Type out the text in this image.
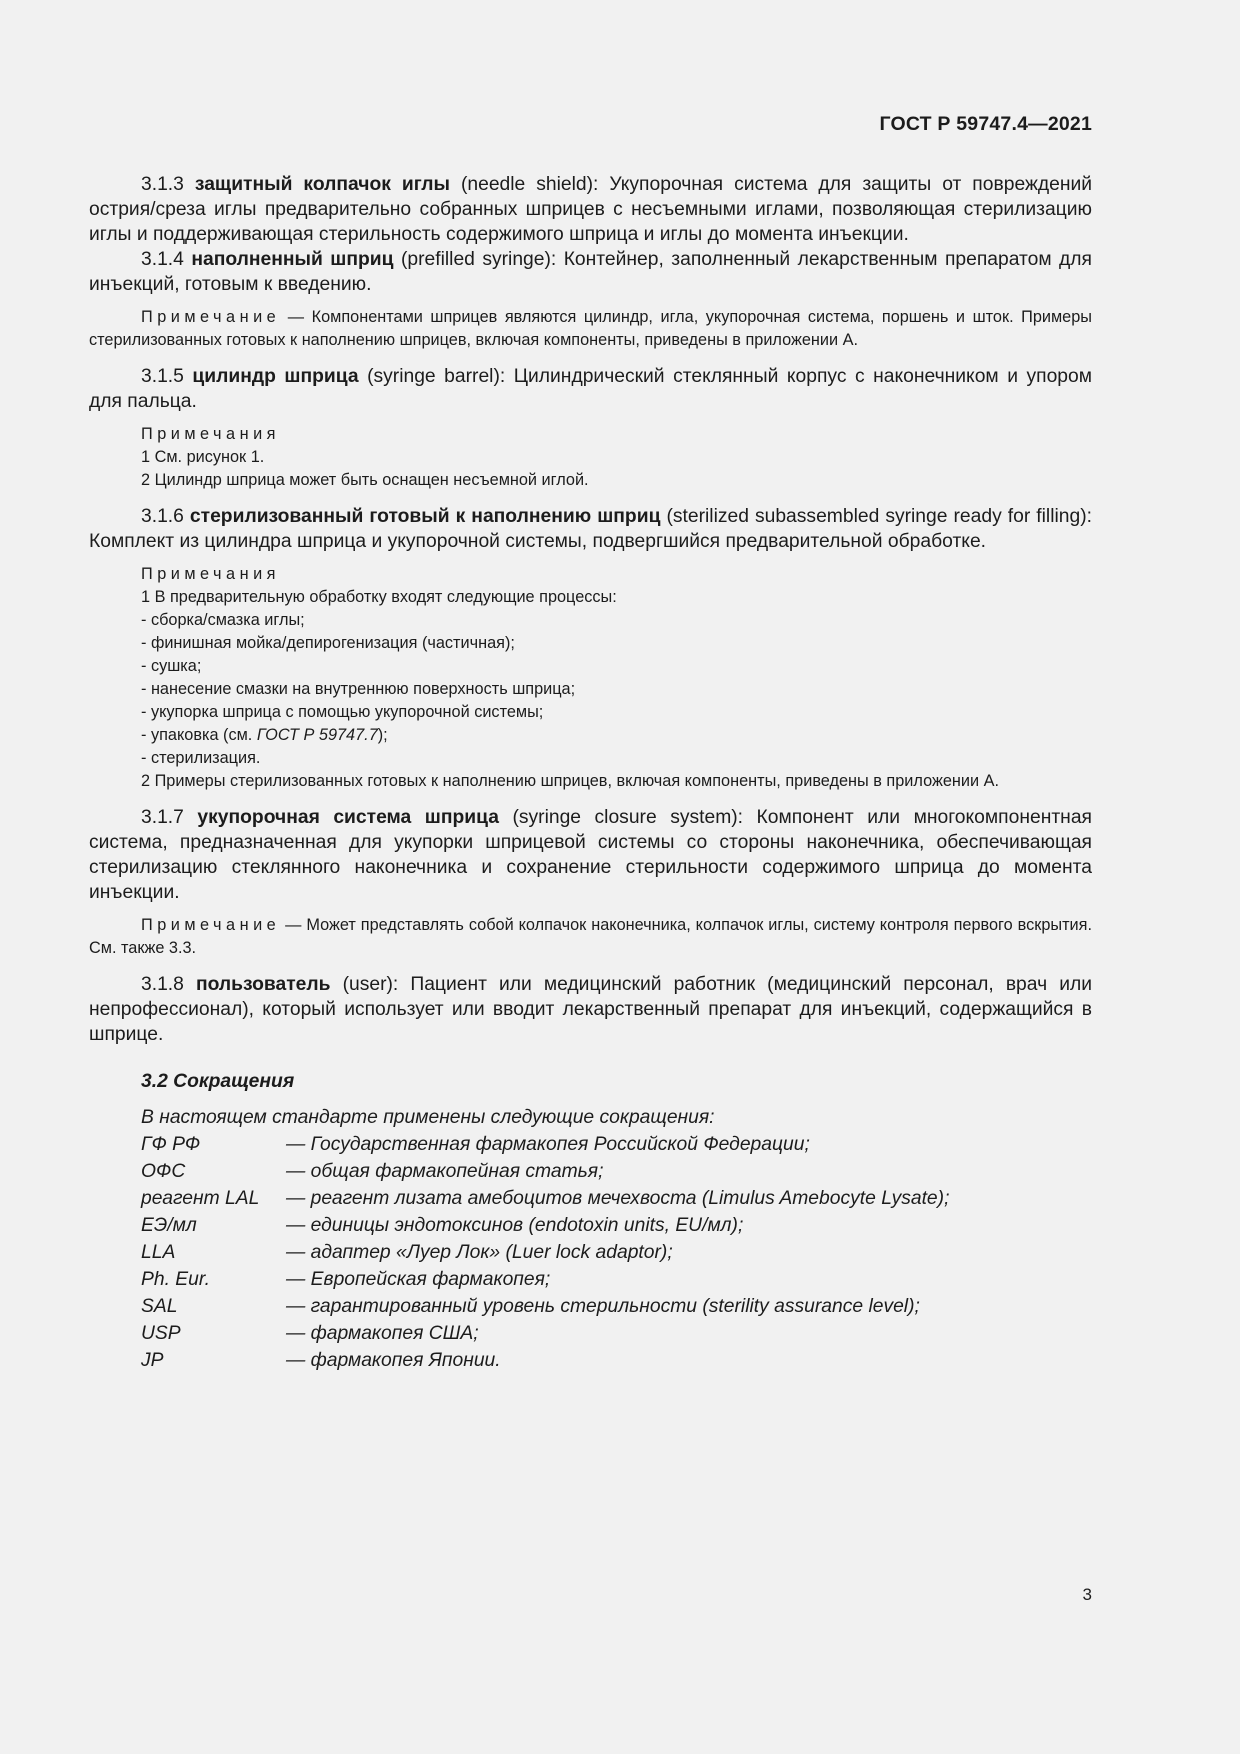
ГОСТ Р 59747.4—2021

3.1.3 защитный колпачок иглы (needle shield): Укупорочная система для защиты от повреждений острия/среза иглы предварительно собранных шприцев с несъемными иглами, позволяющая стерилизацию иглы и поддерживающая стерильность содержимого шприца и иглы до момента инъекции.

3.1.4 наполненный шприц (prefilled syringe): Контейнер, заполненный лекарственным препаратом для инъекций, готовым к введению.

Примечание — Компонентами шприцев являются цилиндр, игла, укупорочная система, поршень и шток. Примеры стерилизованных готовых к наполнению шприцев, включая компоненты, приведены в приложении А.

3.1.5 цилиндр шприца (syringe barrel): Цилиндрический стеклянный корпус с наконечником и упором для пальца.

Примечания
1 См. рисунок 1.
2 Цилиндр шприца может быть оснащен несъемной иглой.

3.1.6 стерилизованный готовый к наполнению шприц (sterilized subassembled syringe ready for filling): Комплект из цилиндра шприца и укупорочной системы, подвергшийся предварительной обработке.

Примечания
1 В предварительную обработку входят следующие процессы:
- сборка/смазка иглы;
- финишная мойка/депирогенизация (частичная);
- сушка;
- нанесение смазки на внутреннюю поверхность шприца;
- укупорка шприца с помощью укупорочной системы;
- упаковка (см. ГОСТ Р 59747.7);
- стерилизация.

2 Примеры стерилизованных готовых к наполнению шприцев, включая компоненты, приведены в приложении А.

3.1.7 укупорочная система шприца (syringe closure system): Компонент или многокомпонентная система, предназначенная для укупорки шприцевой системы со стороны наконечника, обеспечивающая стерилизацию стеклянного наконечника и сохранение стерильности содержимого шприца до момента инъекции.

Примечание — Может представлять собой колпачок наконечника, колпачок иглы, систему контроля первого вскрытия. См. также 3.3.

3.1.8 пользователь (user): Пациент или медицинский работник (медицинский персонал, врач или непрофессионал), который использует или вводит лекарственный препарат для инъекций, содержащийся в шприце.

3.2 Сокращения

В настоящем стандарте применены следующие сокращения:

ГФ РФ	— Государственная фармакопея Российской Федерации;
ОФС	— общая фармакопейная статья;
реагент LAL	— реагент лизата амебоцитов мечехвоста (Limulus Amebocyte Lysate);
ЕЭ/мл	— единицы эндотоксинов (endotoxin units, EU/мл);
LLA	— адаптер «Луер Лок» (Luer lock adaptor);
Ph. Eur.	— Европейская фармакопея;
SAL	— гарантированный уровень стерильности (sterility assurance level);
USP	— фармакопея США;
JP	— фармакопея Японии.
3
